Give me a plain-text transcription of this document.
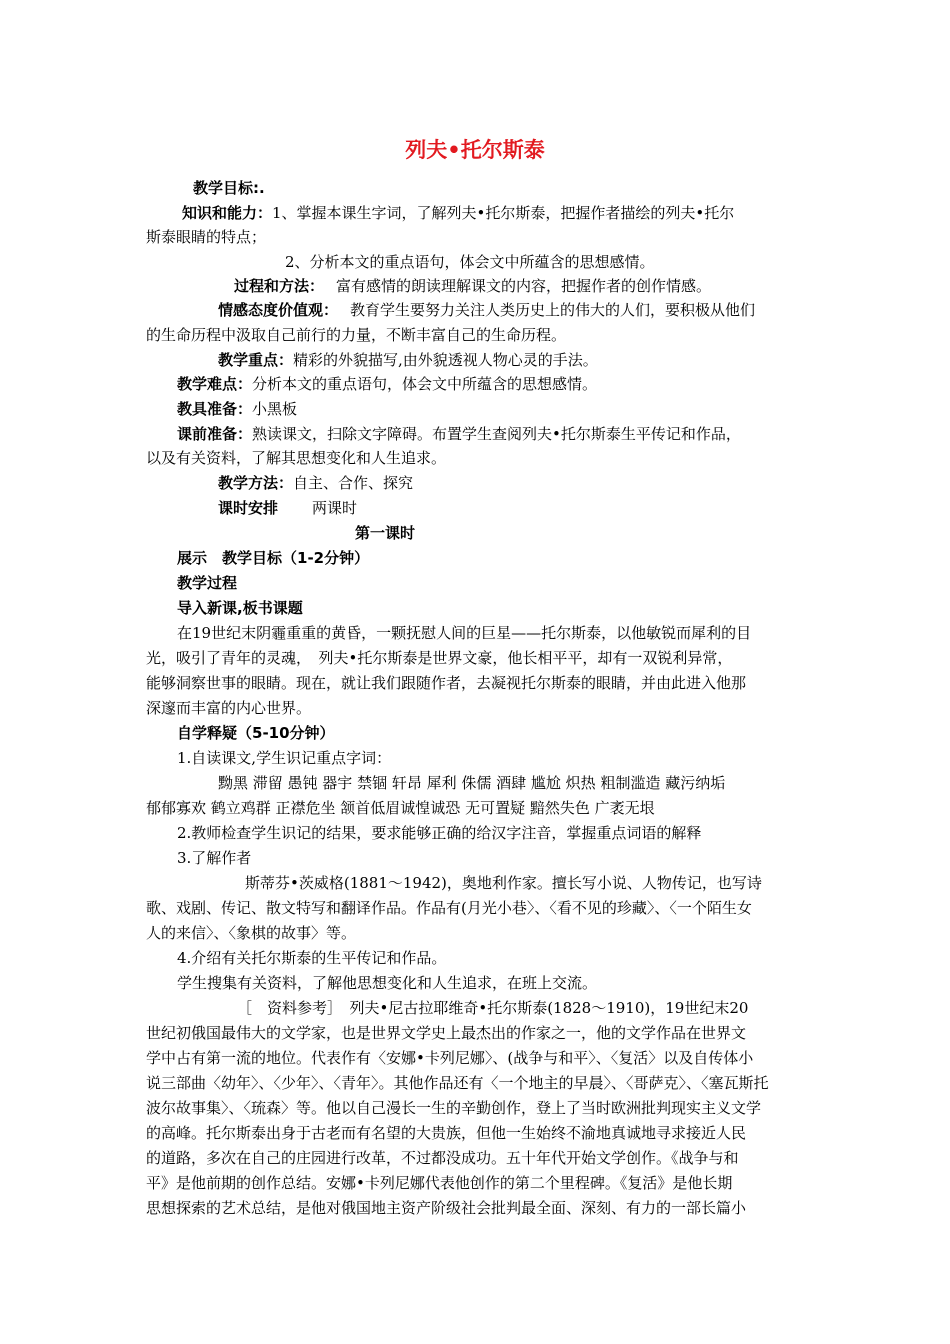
列夫•托尔斯泰
教学目标:.
知识和能力：1、掌握本课生字词，了解列夫•托尔斯泰，把握作者描绘的列夫•托尔
斯泰眼睛的特点；
2、分析本文的重点语句，体会文中所蕴含的思想感情。
过程和方法： 富有感情的朗读理解课文的内容，把握作者的创作情感。
情感态度价值观： 教育学生要努力关注人类历史上的伟大的人们，要积极从他们
的生命历程中汲取自己前行的力量，不断丰富自己的生命历程。
教学重点：精彩的外貌描写,由外貌透视人物心灵的手法。
教学难点：分析本文的重点语句，体会文中所蕴含的思想感情。
教具准备：小黑板
课前准备：熟读课文，扫除文字障碍。布置学生查阅列夫•托尔斯泰生平传记和作品，
以及有关资料，了解其思想变化和人生追求。
教学方法：自主、合作、探究
课时安排 两课时
第一课时
展示　教学目标（1-2分钟）
教学过程
导入新课,板书课题
在19世纪末阴霾重重的黄昏，一颗抚慰人间的巨星——托尔斯泰，以他敏锐而犀利的目
光，吸引了青年的灵魂，　列夫•托尔斯泰是世界文豪，他长相平平，却有一双锐利异常，
能够洞察世事的眼睛。现在，就让我们跟随作者，去凝视托尔斯泰的眼睛，并由此进入他那
深邃而丰富的内心世界。
自学释疑（5-10分钟）
1.自读课文,学生识记重点字词：
黝黑 滞留 愚钝 器宇 禁锢 轩昂 犀利 侏儒 酒肆 尴尬 炽热 粗制滥造 藏污纳垢
郁郁寡欢 鹤立鸡群 正襟危坐 颔首低眉诚惶诚恐 无可置疑 黯然失色 广袤无垠
2.教师检查学生识记的结果，要求能够正确的给汉字注音，掌握重点词语的解释
3.了解作者
斯蒂芬•茨威格(1881～1942)，奥地利作家。擅长写小说、人物传记，也写诗
歌、戏剧、传记、散文特写和翻译作品。作品有(月光小巷〉、〈看不见的珍藏〉、〈一个陌生女
人的来信〉、〈象棋的故事〉等。
4.介绍有关托尔斯泰的生平传记和作品。
学生搜集有关资料，了解他思想变化和人生追求，在班上交流。
［　资料参考］　列夫•尼古拉耶维奇•托尔斯泰(1828～1910)，19世纪末20
世纪初俄国最伟大的文学家，也是世界文学史上最杰出的作家之一，他的文学作品在世界文
学中占有第一流的地位。代表作有〈安娜•卡列尼娜〉、(战争与和平〉、〈复活〉以及自传体小
说三部曲〈幼年〉、〈少年〉、〈青年〉。其他作品还有〈一个地主的早晨〉、〈哥萨克〉、〈塞瓦斯托
波尔故事集〉、〈琉森〉等。他以自己漫长一生的辛勤创作，登上了当时欧洲批判现实主义文学
的高峰。托尔斯泰出身于古老而有名望的大贵族，但他一生始终不渝地真诚地寻求接近人民
的道路，多次在自己的庄园进行改革，不过都没成功。五十年代开始文学创作。《战争与和
平》是他前期的创作总结。安娜•卡列尼娜代表他创作的第二个里程碑。《复活》是他长期
思想探索的艺术总结，是他对俄国地主资产阶级社会批判最全面、深刻、有力的一部长篇小
